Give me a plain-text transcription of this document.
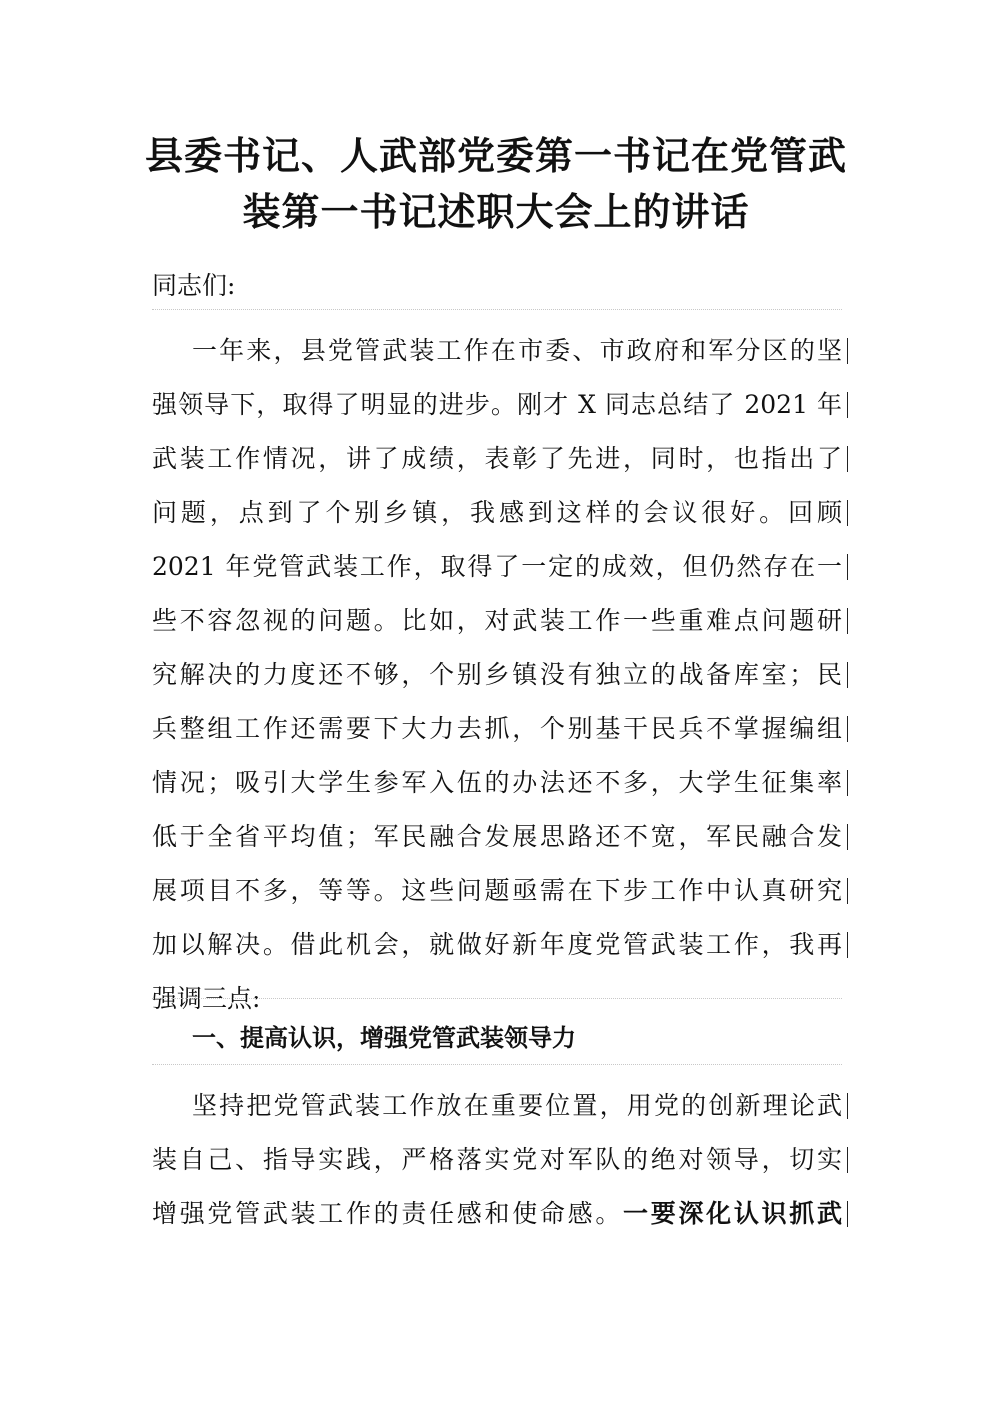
县委书记、人武部党委第一书记在党管武
装第一书记述职大会上的讲话
同志们:
一年来，县党管武装工作在市委、市政府和军分区的坚
强领导下，取得了明显的进步。刚才 X 同志总结了 2021 年
武装工作情况，讲了成绩，表彰了先进，同时，也指出了
问题，点到了个别乡镇，我感到这样的会议很好。回顾
2021 年党管武装工作，取得了一定的成效，但仍然存在一
些不容忽视的问题。比如，对武装工作一些重难点问题研
究解决的力度还不够，个别乡镇没有独立的战备库室；民
兵整组工作还需要下大力去抓，个别基干民兵不掌握编组
情况；吸引大学生参军入伍的办法还不多，大学生征集率
低于全省平均值；军民融合发展思路还不宽，军民融合发
展项目不多，等等。这些问题亟需在下步工作中认真研究
加以解决。借此机会，就做好新年度党管武装工作，我再
强调三点:
一、提高认识，增强党管武装领导力
坚持把党管武装工作放在重要位置，用党的创新理论武
装自己、指导实践，严格落实党对军队的绝对领导，切实
增强党管武装工作的责任感和使命感。一要深化认识抓武
